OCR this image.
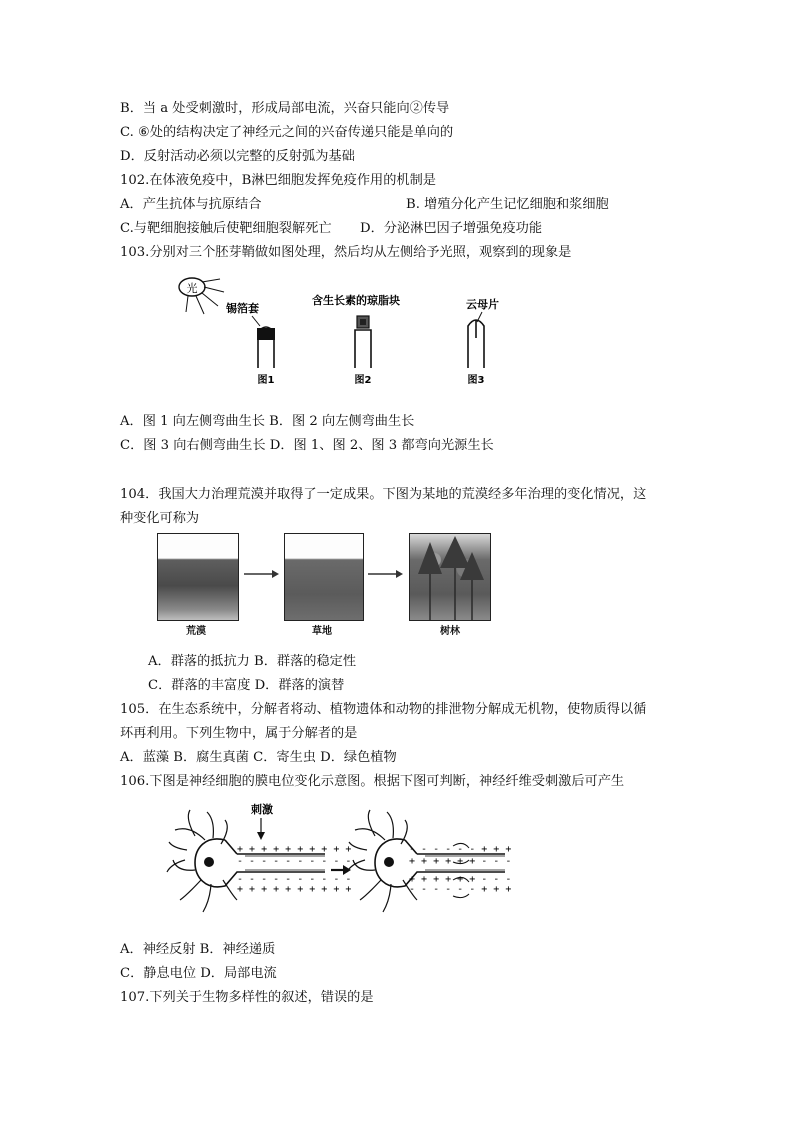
B．当 a 处受刺激时，形成局部电流，兴奋只能向②传导
C. ⑥处的结构决定了神经元之间的兴奋传递只能是单向的
D．反射活动必须以完整的反射弧为基础
102.在体液免疫中，B淋巴细胞发挥免疫作用的机制是
A．产生抗体与抗原结合	B. 增殖分化产生记忆细胞和浆细胞
C.与靶细胞接触后使靶细胞裂解死亡 D．分泌淋巴因子增强免疫功能
103.分别对三个胚芽鞘做如图处理，然后均从左侧给予光照，观察到的现象是
光
锡箔套
图1
含生长素的琼脂块
图2
云母片
图3
A．图 1 向左侧弯曲生长 B．图 2 向左侧弯曲生长
C．图 3 向右侧弯曲生长 D．图 1、图 2、图 3 都弯向光源生长
104．我国大力治理荒漠并取得了一定成果。下图为某地的荒漠经多年治理的变化情况，这
种变化可称为
荒漠	草地	树林
A．群落的抵抗力 B．群落的稳定性
C．群落的丰富度 D．群落的演替
105．在生态系统中，分解者将动、植物遗体和动物的排泄物分解成无机物，使物质得以循
环再利用。下列生物中，属于分解者的是
A．蓝藻 B．腐生真菌 C．寄生虫 D．绿色植物
106.下图是神经细胞的膜电位变化示意图。根据下图可判断，神经纤维受刺激后可产生
刺激
+ + + + + + + + + +
- - - - - - - - - -
- - - - - - - - - -
+ + + + + + + + + +
- - - - - - + + +
+ + + + + + - - -
+ + + + + + - - -
- - - - - - + + +
A．神经反射 B．神经递质
C．静息电位 D．局部电流
107.下列关于生物多样性的叙述，错误的是
